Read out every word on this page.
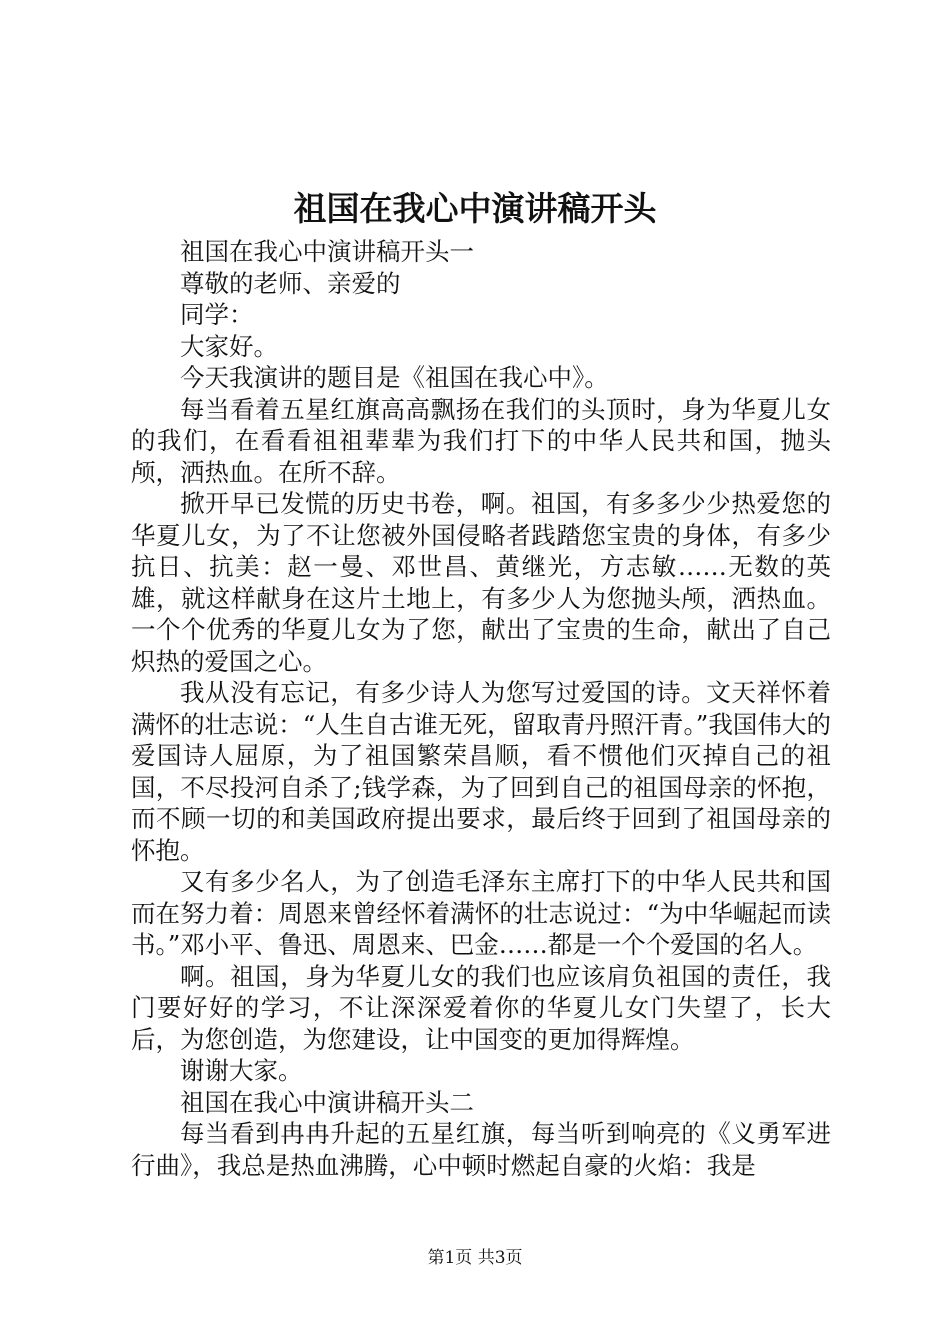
祖国在我心中演讲稿开头

祖国在我心中演讲稿开头一

尊敬的老师、亲爱的

同学：

大家好。

今天我演讲的题目是《祖国在我心中》。

每当看着五星红旗高高飘扬在我们的头顶时，身为华夏儿女的我们，在看看祖祖辈辈为我们打下的中华人民共和国，抛头颅，洒热血。在所不辞。

掀开早已发慌的历史书卷，啊。祖国，有多多少少热爱您的华夏儿女，为了不让您被外国侵略者践踏您宝贵的身体，有多少抗日、抗美：赵一曼、邓世昌、黄继光，方志敏……无数的英雄，就这样献身在这片土地上，有多少人为您抛头颅，洒热血。一个个优秀的华夏儿女为了您，献出了宝贵的生命，献出了自己炽热的爱国之心。

我从没有忘记，有多少诗人为您写过爱国的诗。文天祥怀着满怀的壮志说：“人生自古谁无死，留取青丹照汗青。”我国伟大的爱国诗人屈原，为了祖国繁荣昌顺，看不惯他们灭掉自己的祖国，不尽投河自杀了;钱学森，为了回到自己的祖国母亲的怀抱，而不顾一切的和美国政府提出要求，最后终于回到了祖国母亲的怀抱。

又有多少名人，为了创造毛泽东主席打下的中华人民共和国而在努力着：周恩来曾经怀着满怀的壮志说过：“为中华崛起而读书。”邓小平、鲁迅、周恩来、巴金……都是一个个爱国的名人。

啊。祖国，身为华夏儿女的我们也应该肩负祖国的责任，我门要好好的学习，不让深深爱着你的华夏儿女门失望了，长大后，为您创造，为您建设，让中国变的更加得辉煌。

谢谢大家。

祖国在我心中演讲稿开头二

每当看到冉冉升起的五星红旗，每当听到响亮的《义勇军进行曲》，我总是热血沸腾，心中顿时燃起自豪的火焰：我是

第1页 共3页
